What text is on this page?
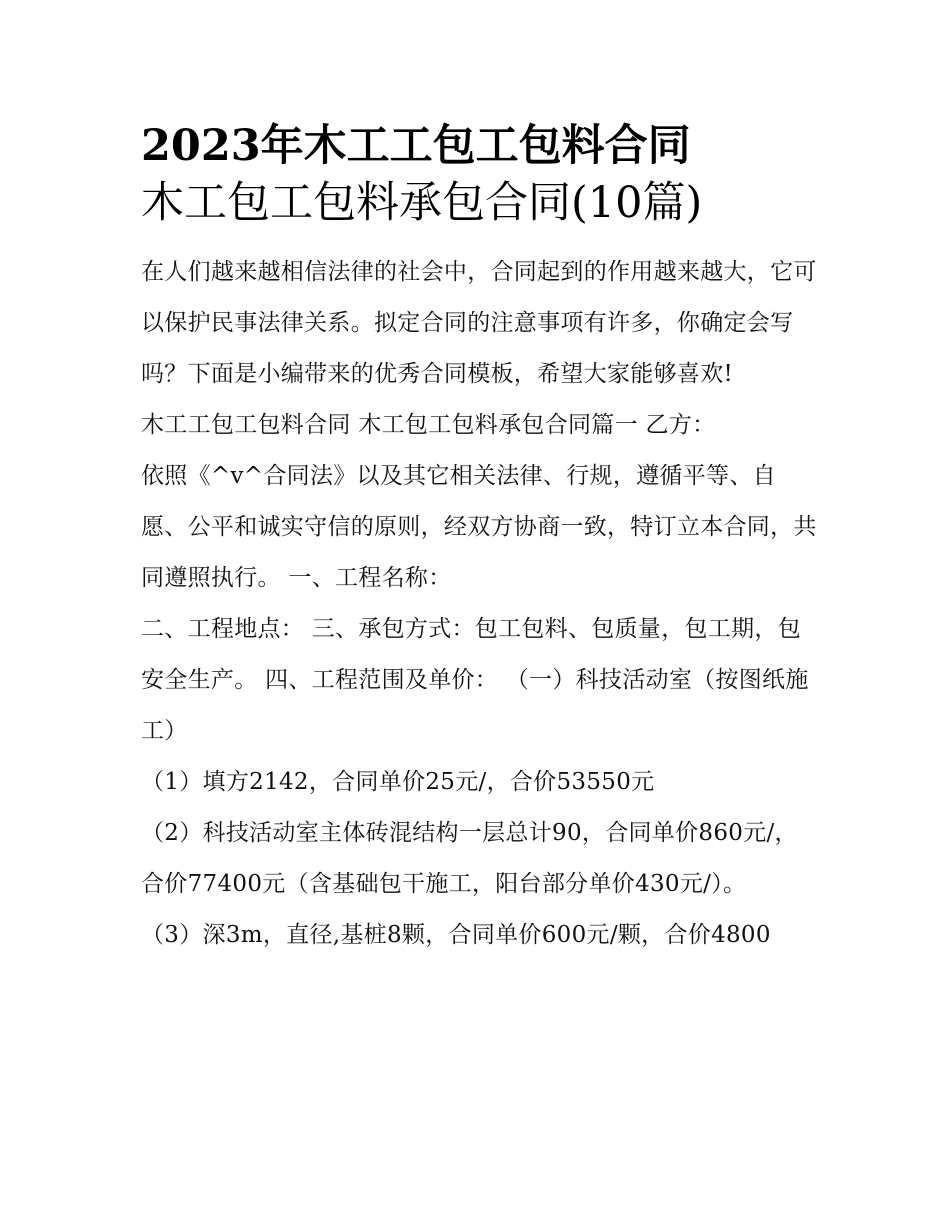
2023年木工工包工包料合同
木工包工包料承包合同(10篇)

在人们越来越相信法律的社会中，合同起到的作用越来越大，它可以保护民事法律关系。拟定合同的注意事项有许多，你确定会写吗？下面是小编带来的优秀合同模板，希望大家能够喜欢!

木工工包工包料合同 木工包工包料承包合同篇一 乙方：

依照《^v^合同法》以及其它相关法律、行规，遵循平等、自愿、公平和诚实守信的原则，经双方协商一致，特订立本合同，共同遵照执行。 一、工程名称：

二、工程地点： 三、承包方式：包工包料、包质量，包工期，包安全生产。 四、工程范围及单价： （一）科技活动室（按图纸施工）

（1）填方2142，合同单价25元/，合价53550元

（2）科技活动室主体砖混结构一层总计90，合同单价860元/，合价77400元（含基础包干施工，阳台部分单价430元/）。

（3）深3m，直径,基桩8颗，合同单价600元/颗，合价4800
